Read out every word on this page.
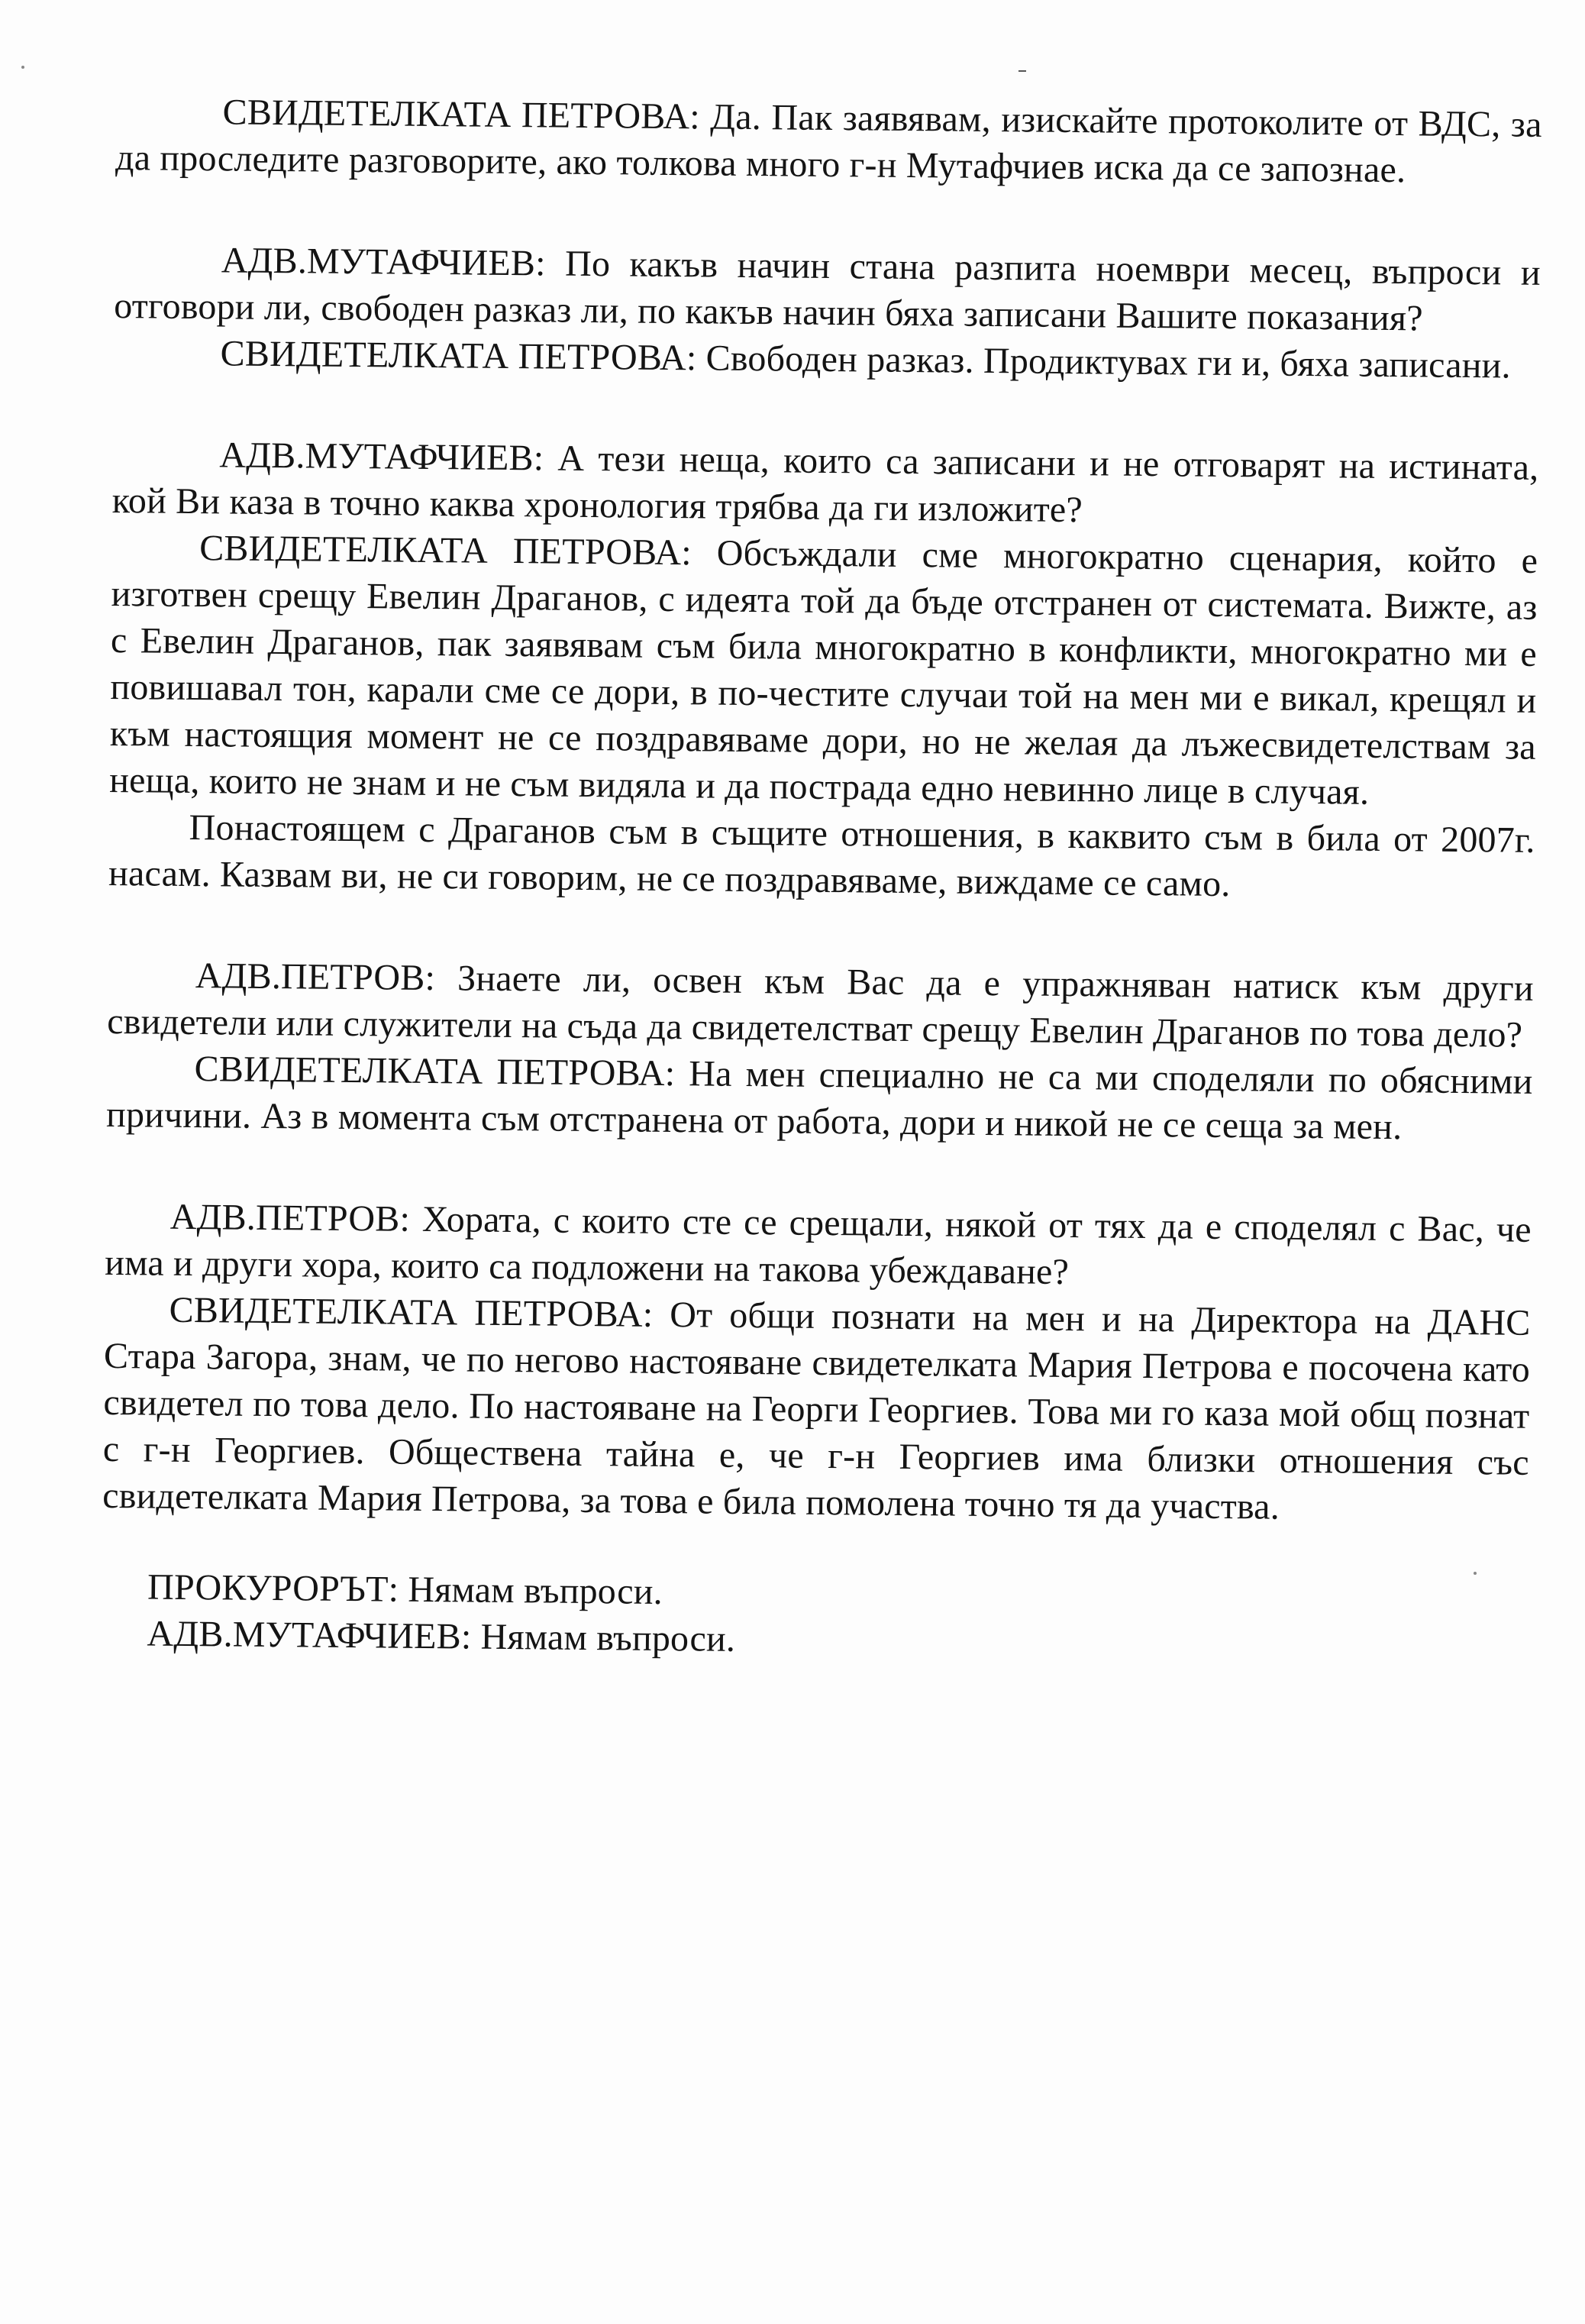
СВИДЕТЕЛКАТА ПЕТРОВА: Да. Пак заявявам, изискайте протоколите от ВДС, за да проследите разговорите, ако толкова много г-н Мутафчиев иска да се запознае.

АДВ.МУТАФЧИЕВ: По какъв начин стана разпита ноември месец, въпроси и отговори ли, свободен разказ ли, по какъв начин бяха записани Вашите показания?

СВИДЕТЕЛКАТА ПЕТРОВА: Свободен разказ. Продиктувах ги и, бяха записани.

АДВ.МУТАФЧИЕВ: А тези неща, които са записани и не отговарят на истината, кой Ви каза в точно каква хронология трябва да ги изложите?

СВИДЕТЕЛКАТА ПЕТРОВА: Обсъждали сме многократно сценария, който е изготвен срещу Евелин Драганов, с идеята той да бъде отстранен от системата. Вижте, аз с Евелин Драганов, пак заявявам съм била многократно в конфликти, многократно ми е повишавал тон, карали сме се дори, в по-честите случаи той на мен ми е викал, крещял и към настоящия момент не се поздравяваме дори, но не желая да лъжесвидетелствам за неща, които не знам и не съм видяла и да пострада едно невинно лице в случая.

Понастоящем с Драганов съм в същите отношения, в каквито съм в била от 2007г. насам. Казвам ви, не си говорим, не се поздравяваме, виждаме се само.

АДВ.ПЕТРОВ: Знаете ли, освен към Вас да е упражняван натиск към други свидетели или служители на съда да свидетелстват срещу Евелин Драганов по това дело?

СВИДЕТЕЛКАТА ПЕТРОВА: На мен специално не са ми споделяли по обясними причини. Аз в момента съм отстранена от работа, дори и никой не се сеща за мен.

АДВ.ПЕТРОВ: Хората, с които сте се срещали, някой от тях да е споделял с Вас, че има и други хора, които са подложени на такова убеждаване?

СВИДЕТЕЛКАТА ПЕТРОВА: От общи познати на мен и на Директора на ДАНС Стара Загора, знам, че по негово настояване свидетелката Мария Петрова е посочена като свидетел по това дело. По настояване на Георги Георгиев. Това ми го каза мой общ познат с г-н Георгиев. Обществена тайна е, че г-н Георгиев има близки отношения със свидетелката Мария Петрова, за това е била помолена точно тя да участва.

ПРОКУРОРЪТ: Нямам въпроси.

АДВ.МУТАФЧИЕВ: Нямам въпроси.
